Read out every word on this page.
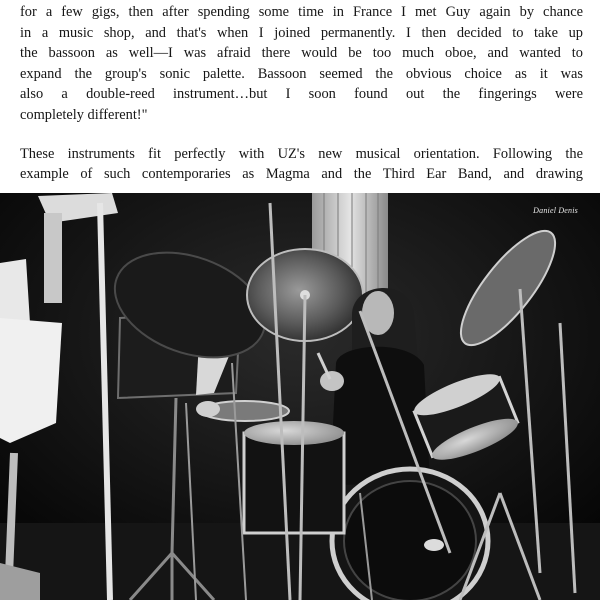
for a few gigs, then after spending some time in France I met Guy again by chance
in a music shop, and that's when I joined permanently. I then decided to take up
the bassoon as well—I was afraid there would be too much oboe, and wanted to
expand the group's sonic palette. Bassoon seemed the obvious choice as it was
also a double-reed instrument…but I soon found out the fingerings were
completely different!"

These instruments fit perfectly with UZ's new musical orientation. Following the
example of such contemporaries as Magma and the Third Ear Band, and drawing

Daniel Denis
